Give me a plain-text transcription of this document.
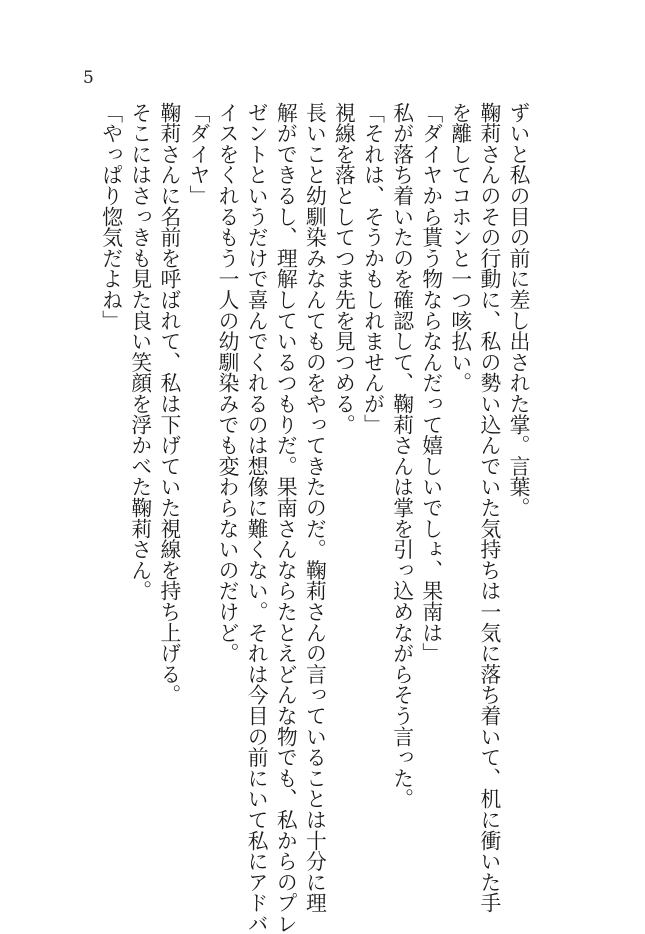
5
ずいと私の目の前に差し出された掌。言葉。
鞠莉さんのその行動に、私の勢い込んでいた気持ちは一気に落ち着いて、机に衝いた手
を離してコホンと一つ咳払い。
「ダイヤから貰う物ならなんだって嬉しいでしょ、果南は」
私が落ち着いたのを確認して、鞠莉さんは掌を引っ込めながらそう言った。
「それは、そうかもしれませんが」
視線を落としてつま先を見つめる。
長いこと幼馴染みなんてものをやってきたのだ。鞠莉さんの言っていることは十分に理
解ができるし、理解しているつもりだ。果南さんならたとえどんな物でも、私からのプレ
ゼントというだけで喜んでくれるのは想像に難くない。それは今目の前にいて私にアドバ
イスをくれるもう一人の幼馴染みでも変わらないのだけど。
「ダイヤ」
鞠莉さんに名前を呼ばれて、私は下げていた視線を持ち上げる。
そこにはさっきも見た良い笑顔を浮かべた鞠莉さん。
「やっぱり惚気だよね」
